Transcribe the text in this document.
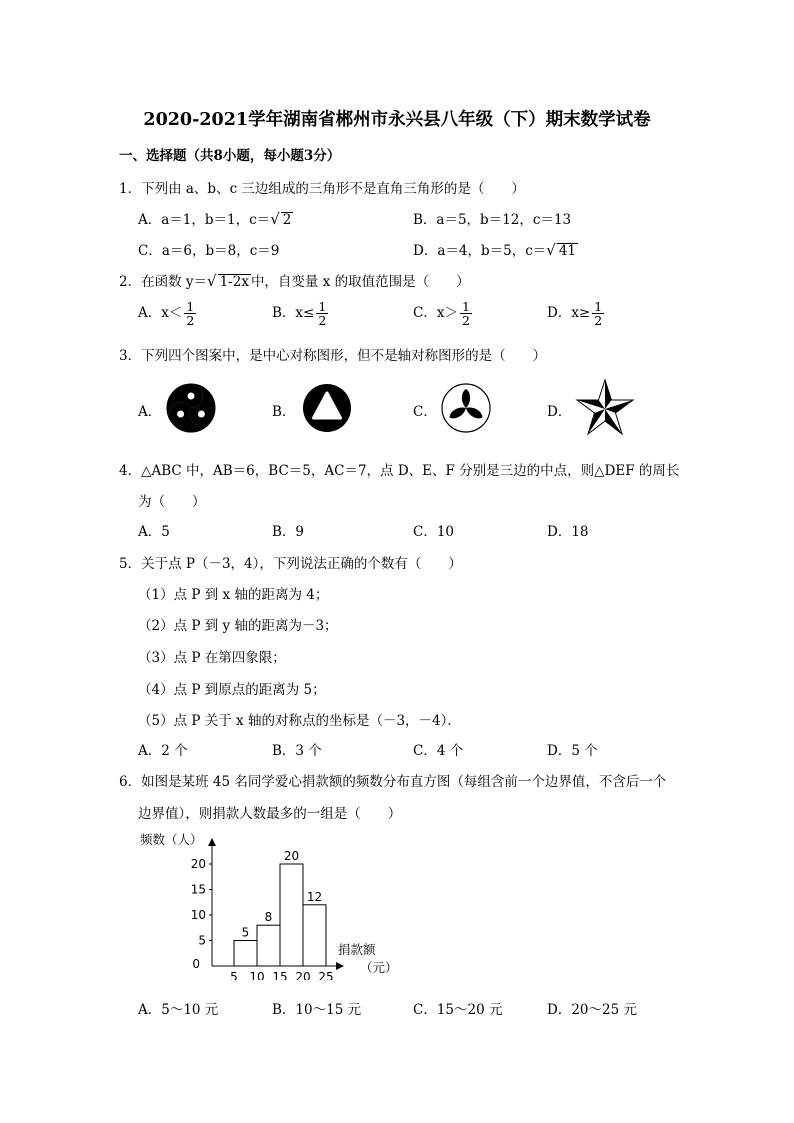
2020-2021学年湖南省郴州市永兴县八年级（下）期末数学试卷
一、选择题（共8小题，每小题3分）
1．下列由 a、b、c 三边组成的三角形不是直角三角形的是（　　）
A．a＝1，b＝1，c＝√ 2	B．a＝5，b＝12，c＝13
C．a＝6，b＝8，c＝9	D．a＝4，b＝5，c＝√ 41
2．在函数 y＝√ 1-2x 中，自变量 x 的取值范围是（　　）
A．$x< \frac{1}{2}$	B．$x\le \frac{1}{2}$	C．$x> \frac{1}{2}$	D．$x\ge \frac{1}{2}$
3．下列四个图案中，是中心对称图形，但不是轴对称图形的是（　　）
A．	B．	C．	D．
4．△ABC 中，AB＝6，BC＝5，AC＝7，点 D、E、F 分别是三边的中点，则△DEF 的周长
为（　　）
A．5	B．9	C．10	D．18
5．关于点 P（－3，4），下列说法正确的个数有（　　）
（1）点 P 到 x 轴的距离为 4；
（2）点 P 到 y 轴的距离为－3；
（3）点 P 在第四象限；
（4）点 P 到原点的距离为 5；
（5）点 P 关于 x 轴的对称点的坐标是（－3，－4）．
A．2 个	B．3 个	C．4 个	D．5 个
6．如图是某班 45 名同学爱心捐款额的频数分布直方图（每组含前一个边界值，不含后一个
边界值），则捐款人数最多的一组是（　　）
频数（人）
捐款额
（元）
5
10
15
20
0
5
8
20
12
5 10 15 20 25
A．5～10 元	B．10～15 元	C．15～20 元	D．20～25 元
